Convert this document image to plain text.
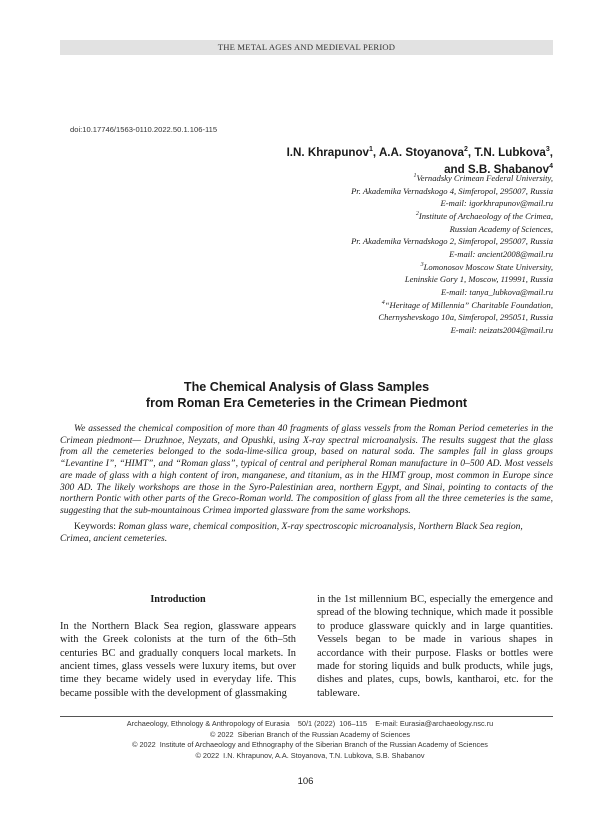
THE METAL AGES AND MEDIEVAL PERIOD
doi:10.17746/1563-0110.2022.50.1.106-115
I.N. Khrapunov$^1$, A.A. Stoyanova$^2$, T.N. Lubkova$^3$,
and S.B. Shabanov$^4$
$^1$Vernadsky Crimean Federal University,
Pr. Akademika Vernadskogo 4, Simferopol, 295007, Russia
E-mail: igorkhrapunov@mail.ru
$^2$Institute of Archaeology of the Crimea,
Russian Academy of Sciences,
Pr. Akademika Vernadskogo 2, Simferopol, 295007, Russia
E-mail: ancient2008@mail.ru
$^3$Lomonosov Moscow State University,
Leninskie Gory 1, Moscow, 119991, Russia
E-mail: tanya_lubkova@mail.ru
$^4$“Heritage of Millennia” Charitable Foundation,
Chernyshevskogo 10a, Simferopol, 295051, Russia
E-mail: neizats2004@mail.ru
The Chemical Analysis of Glass Samples
from Roman Era Cemeteries in the Crimean Piedmont

We assessed the chemical composition of more than 40 fragments of glass vessels from the Roman Period cemeteries in the Crimean piedmont— Druzhnoe, Neyzats, and Opushki, using X-ray spectral microanalysis. The results suggest that the glass from all the cemeteries belonged to the soda-lime-silica group, based on natural soda. The samples fall in glass groups “Levantine I”, “HIMT”, and “Roman glass”, typical of central and peripheral Roman manufacture in 0–500 AD. Most vessels are made of glass with a high content of iron, manganese, and titanium, as in the HIMT group, most common in Europe since 300 AD. The likely workshops are those in the Syro-Palestinian area, northern Egypt, and Sinai, pointing to contacts of the northern Pontic with other parts of the Greco-Roman world. The composition of glass from all the three cemeteries is the same, suggesting that the sub-mountainous Crimea imported glassware from the same workshops.

Keywords: Roman glass ware, chemical composition, X-ray spectroscopic microanalysis, Northern Black Sea region, Crimea, ancient cemeteries.

Introduction

In the Northern Black Sea region, glassware appears with the Greek colonists at the turn of the 6th–5th centuries BC and gradually conquers local markets. In ancient times, glass vessels were luxury items, but over time they became widely used in everyday life. This became possible with the development of glassmaking

in the 1st millennium BC, especially the emergence and spread of the blowing technique, which made it possible to produce glassware quickly and in large quantities. Vessels began to be made in various shapes in accordance with their purpose. Flasks or bottles were made for storing liquids and bulk products, while jugs, dishes and plates, cups, bowls, kantharoi, etc. for the tableware.

Archaeology, Ethnology & Anthropology of Eurasia    50/1 (2022)  106–115    E-mail: Eurasia@archaeology.nsc.ru
© 2022  Siberian Branch of the Russian Academy of Sciences
© 2022  Institute of Archaeology and Ethnography of the Siberian Branch of the Russian Academy of Sciences
© 2022  I.N. Khrapunov, A.A. Stoyanova, T.N. Lubkova, S.B. Shabanov
106
